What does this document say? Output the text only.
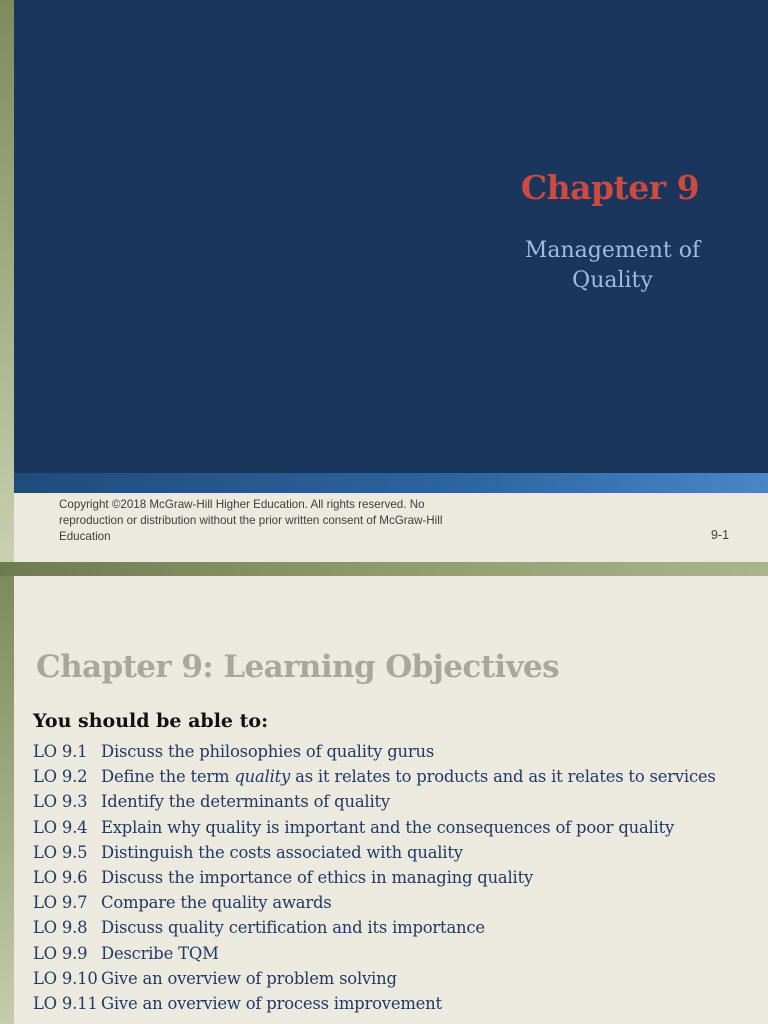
Chapter 9
Management of
Quality
Copyright ©2018 McGraw-Hill Higher Education. All rights reserved. No
reproduction or distribution without the prior written consent of McGraw-Hill
Education	9-1
Chapter 9: Learning Objectives
You should be able to:
LO 9.1 Discuss the philosophies of quality gurus
LO 9.2 Define the term quality as it relates to products and as it relates to services
LO 9.3 Identify the determinants of quality
LO 9.4 Explain why quality is important and the consequences of poor quality
LO 9.5 Distinguish the costs associated with quality
LO 9.6 Discuss the importance of ethics in managing quality
LO 9.7 Compare the quality awards
LO 9.8 Discuss quality certification and its importance
LO 9.9 Describe TQM
LO 9.10 Give an overview of problem solving
LO 9.11 Give an overview of process improvement
